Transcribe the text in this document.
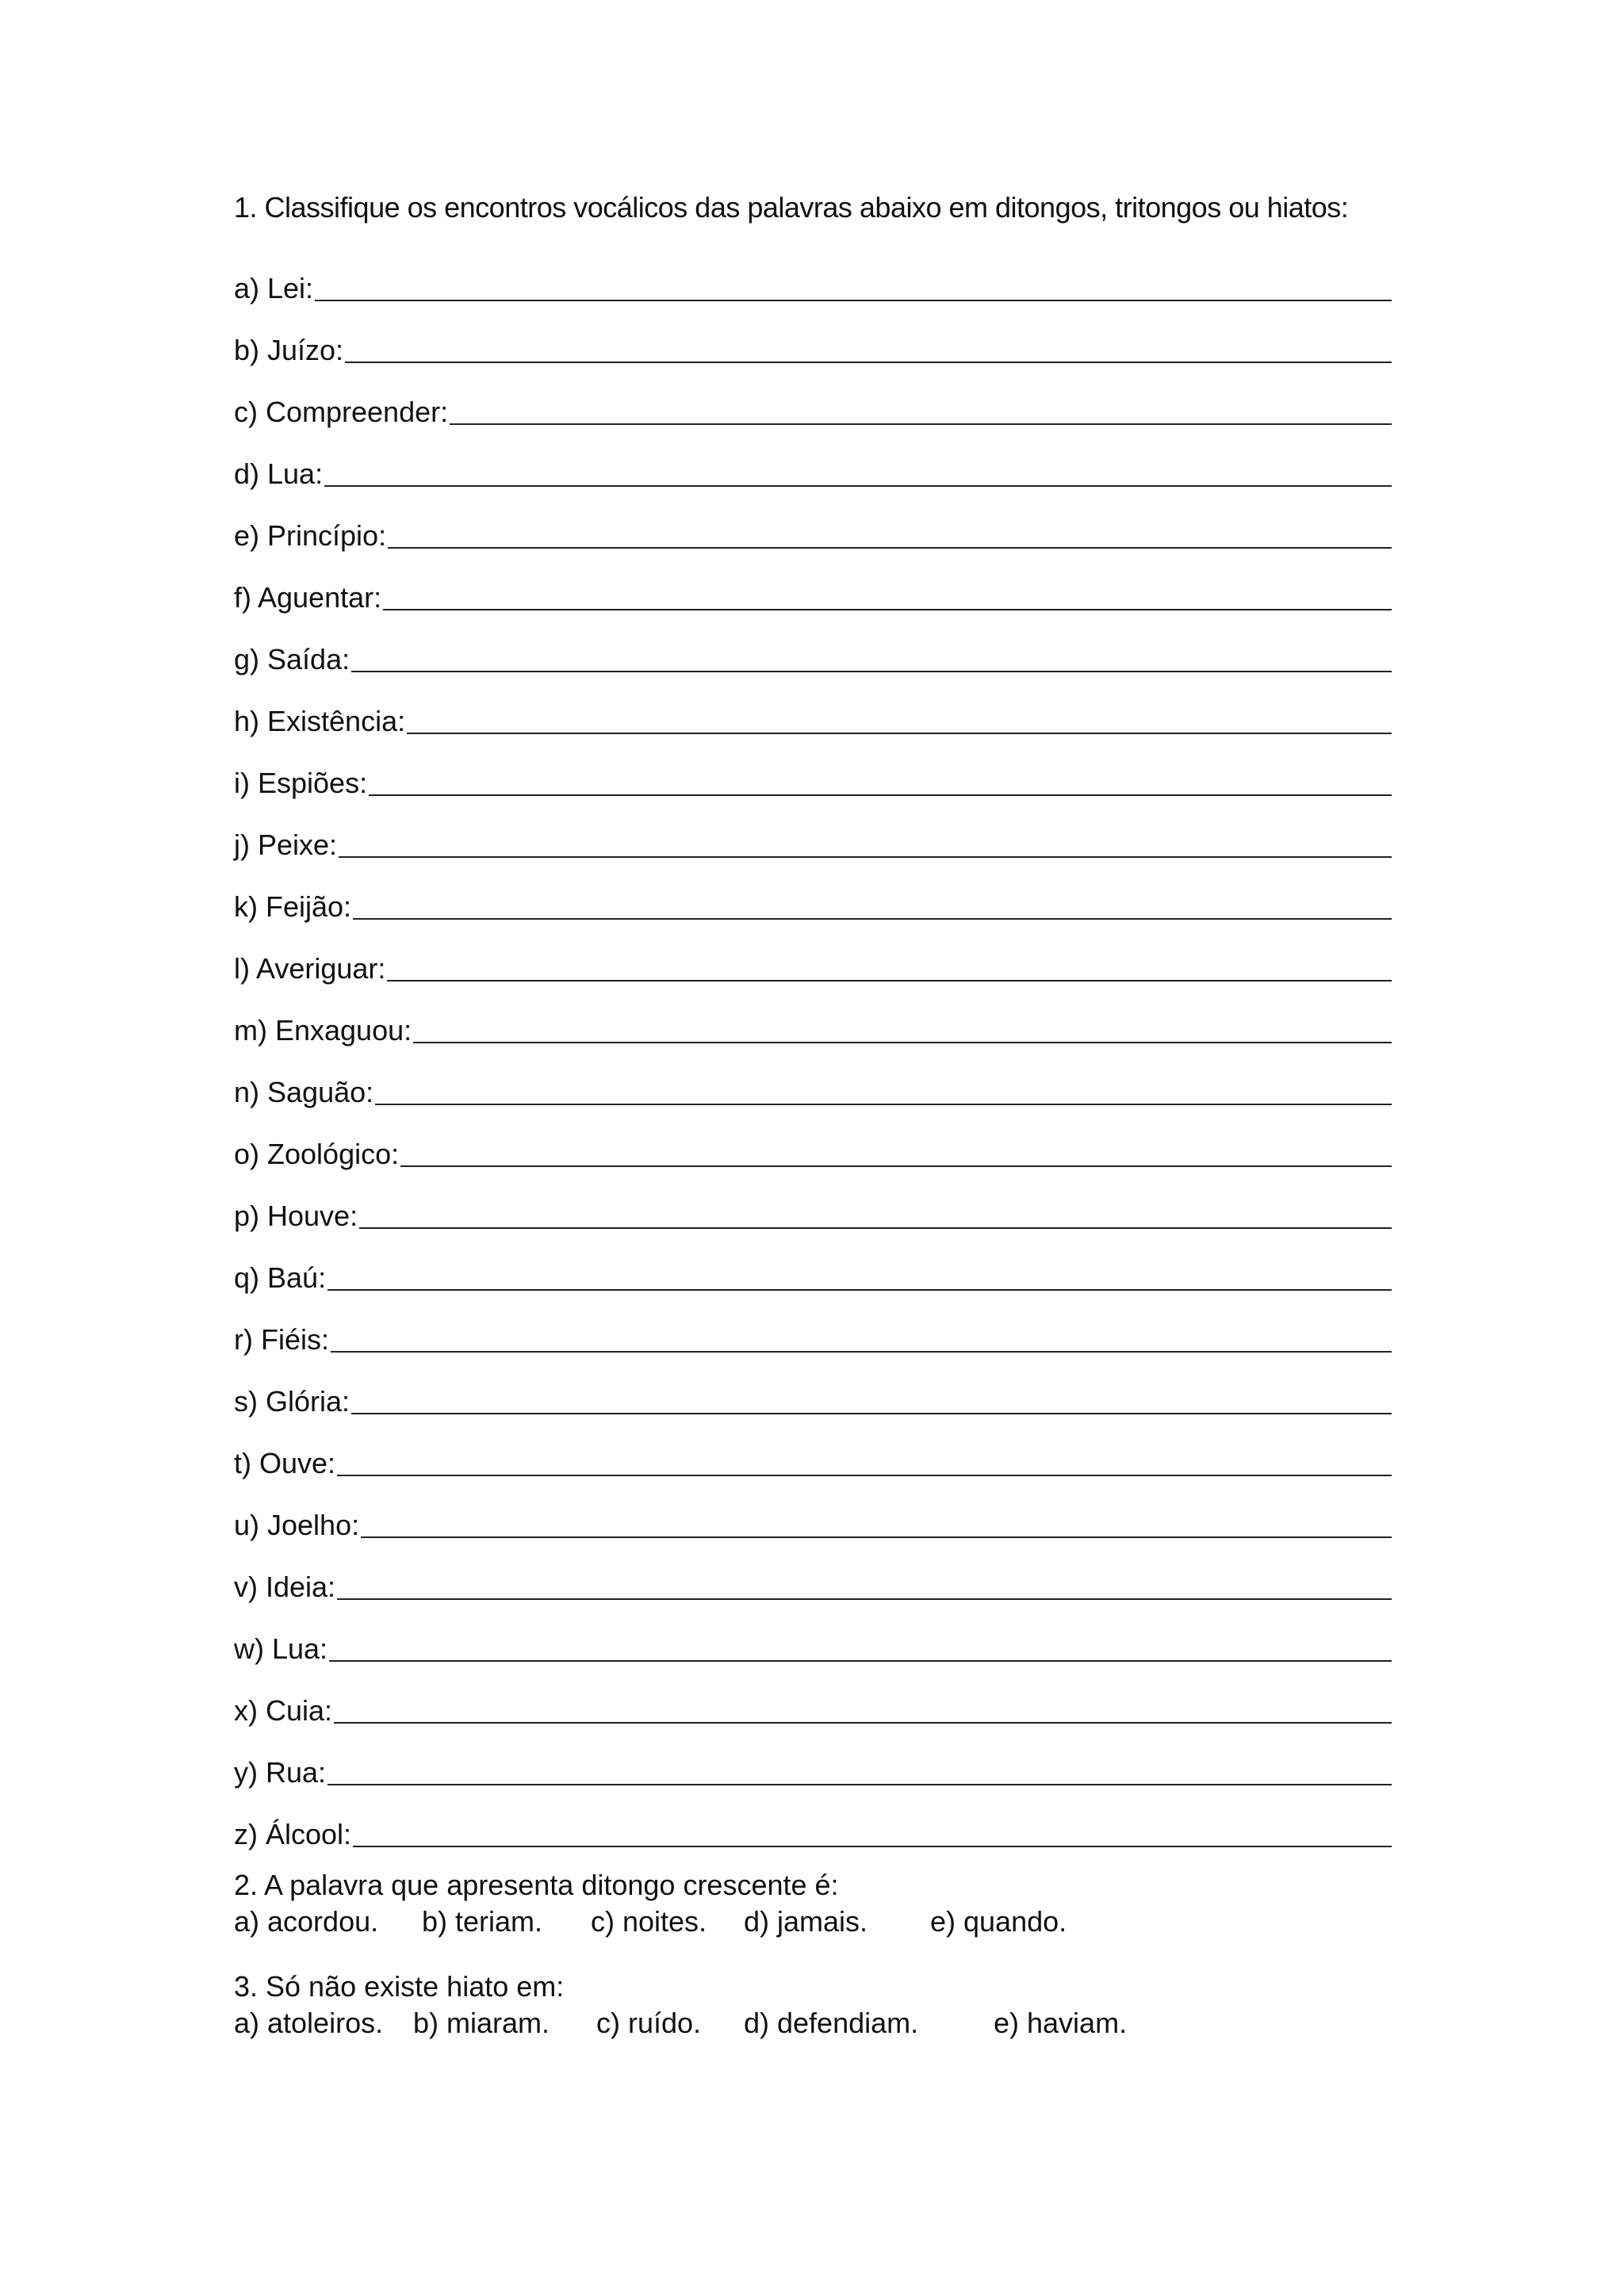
1. Classifique os encontros vocálicos das palavras abaixo em ditongos, tritongos ou hiatos:
a) Lei:
b) Juízo:
c) Compreender:
d) Lua:
e) Princípio:
f) Aguentar:
g) Saída:
h) Existência:
i) Espiões:
j) Peixe:
k) Feijão:
l) Averiguar:
m) Enxaguou:
n) Saguão:
o) Zoológico:
p) Houve:
q) Baú:
r) Fiéis:
s) Glória:
t) Ouve:
u) Joelho:
v) Ideia:
w) Lua:
x) Cuia:
y) Rua:
z) Álcool:
2. A palavra que apresenta ditongo crescente é:
a) acordou. b) teriam. c) noites. d) jamais. e) quando.
3. Só não existe hiato em:
a) atoleiros. b) miaram. c) ruído. d) defendiam.	e) haviam.
